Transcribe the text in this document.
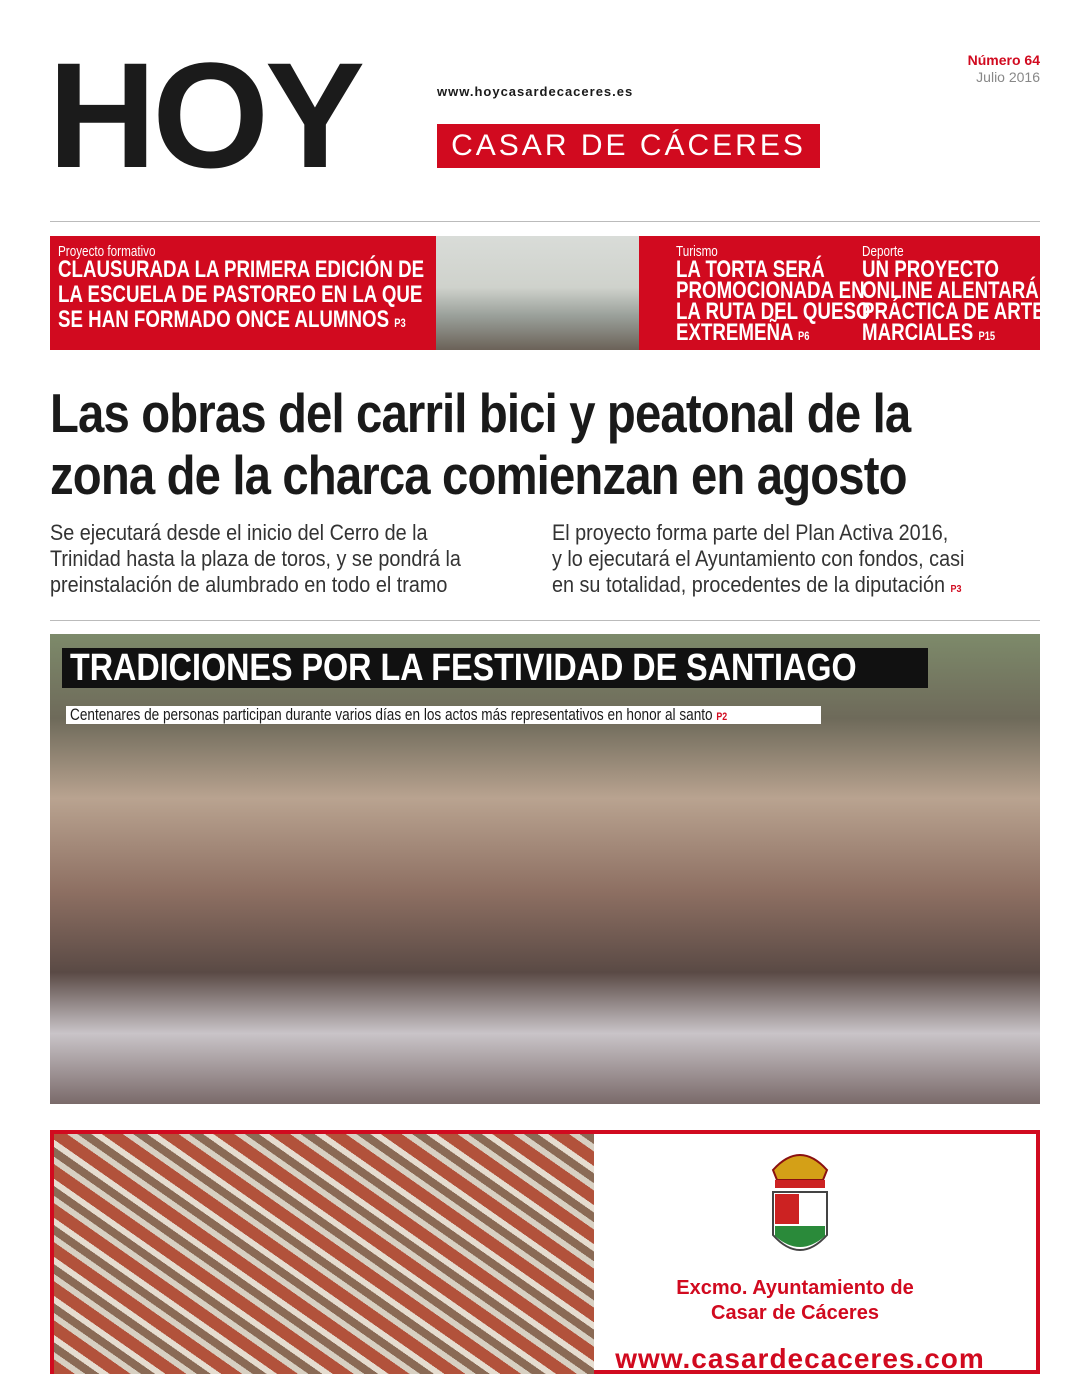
HOY	www.hoycasardecaceres.es
CASAR DE CÁCERES
Número 64
Julio 2016
Proyecto formativo
CLAUSURADA LA PRIMERA EDICIÓN DE
LA ESCUELA DE PASTOREO EN LA QUE
SE HAN FORMADO ONCE ALUMNOS P3
Turismo
LA TORTA SERÁ
PROMOCIONADA EN
LA RUTA DEL QUESO
EXTREMEÑA P6
Deporte
UN PROYECTO
ONLINE ALENTARÁ LA
PRÁCTICA DE ARTES
MARCIALES P15
Las obras del carril bici y peatonal de la
zona de la charca comienzan en agosto
Se ejecutará desde el inicio del Cerro de la
Trinidad hasta la plaza de toros, y se pondrá la
preinstalación de alumbrado en todo el tramo
El proyecto forma parte del Plan Activa 2016,
y lo ejecutará el Ayuntamiento con fondos, casi
en su totalidad, procedentes de la diputación P3
TRADICIONES POR LA FESTIVIDAD DE SANTIAGO
Centenares de personas participan durante varios días en los actos más representativos en honor al santo P2
Excmo. Ayuntamiento de
Casar de Cáceres
www.casardecaceres.com
